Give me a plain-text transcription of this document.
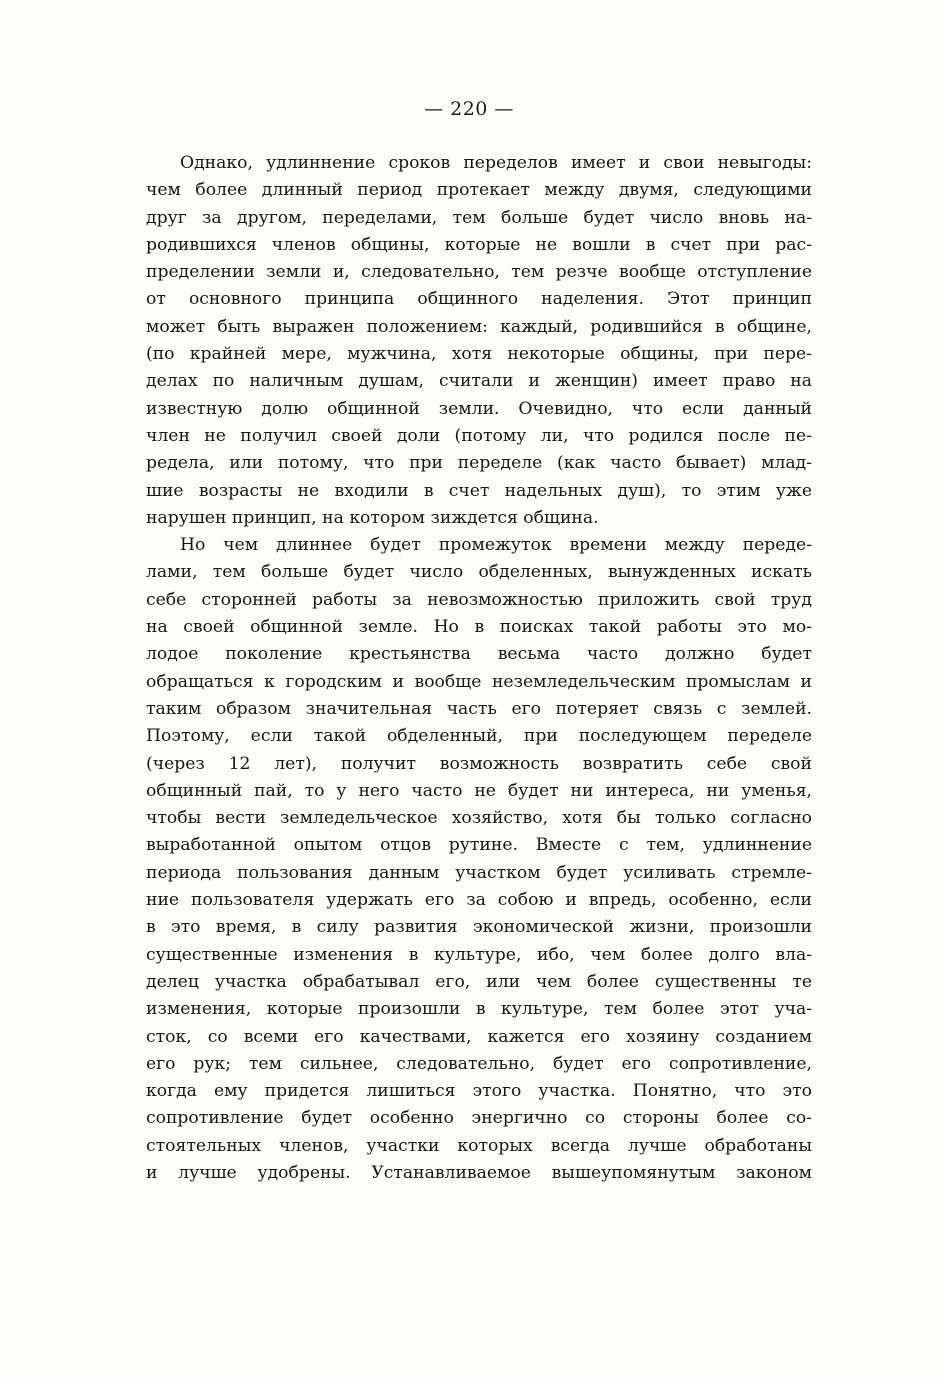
— 220 —
Однако, удлиннение сроков переделов имеет и свои невыгоды:
чем более длинный период протекает между двумя, следующими
друг за другом, переделами, тем больше будет число вновь на-
родившихся членов общины, которые не вошли в счет при рас-
пределении земли и, следовательно, тем резче вообще отступление
от основного принципа общинного наделения. Этот принцип
может быть выражен положением: каждый, родившийся в общине,
(по крайней мере, мужчина, хотя некоторые общины, при пере-
делах по наличным душам, считали и женщин) имеет право на
известную долю общинной земли. Очевидно, что если данный
член не получил своей доли (потому ли, что родился после пе-
редела, или потому, что при переделе (как часто бывает) млад-
шие возрасты не входили в счет надельных душ), то этим уже
нарушен принцип, на котором зиждется община.
Но чем длиннее будет промежуток времени между переде-
лами, тем больше будет число обделенных, вынужденных искать
себе сторонней работы за невозможностью приложить свой труд
на своей общинной земле. Но в поисках такой работы это мо-
лодое поколение крестьянства весьма часто должно будет
обращаться к городским и вообще неземледельческим промыслам и
таким образом значительная часть его потеряет связь с землей.
Поэтому, если такой обделенный, при последующем переделе
(через 12 лет), получит возможность возвратить себе свой
общинный пай, то у него часто не будет ни интереса, ни уменья,
чтобы вести земледельческое хозяйство, хотя бы только согласно
выработанной опытом отцов рутине. Вместе с тем, удлиннение
периода пользования данным участком будет усиливать стремле-
ние пользователя удержать его за собою и впредь, особенно, если
в это время, в силу развития экономической жизни, произошли
существенные изменения в культуре, ибо, чем более долго вла-
делец участка обрабатывал его, или чем более существенны те
изменения, которые произошли в культуре, тем более этот уча-
сток, со всеми его качествами, кажется его хозяину созданием
его рук; тем сильнее, следовательно, будет его сопротивление,
когда ему придется лишиться этого участка. Понятно, что это
сопротивление будет особенно энергично со стороны более со-
стоятельных членов, участки которых всегда лучше обработаны
и лучше удобрены. Устанавливаемое вышеупомянутым законом
